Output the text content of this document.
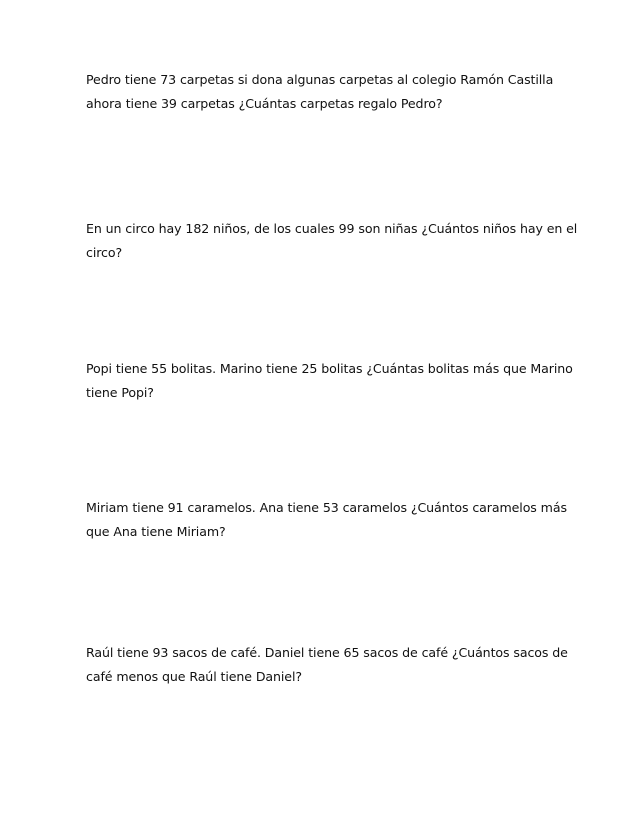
Pedro tiene 73 carpetas si dona algunas carpetas al colegio Ramón Castilla
ahora tiene 39 carpetas ¿Cuántas carpetas regalo Pedro?

En un circo hay 182 niños, de los cuales 99 son niñas ¿Cuántos niños hay en el
circo?

Popi tiene 55 bolitas. Marino tiene 25 bolitas ¿Cuántas bolitas más que Marino
tiene Popi?

Miriam tiene 91 caramelos. Ana tiene 53 caramelos ¿Cuántos caramelos más
que Ana tiene Miriam?

Raúl tiene 93 sacos de café. Daniel tiene 65 sacos de café ¿Cuántos sacos de
café menos que Raúl tiene Daniel?
